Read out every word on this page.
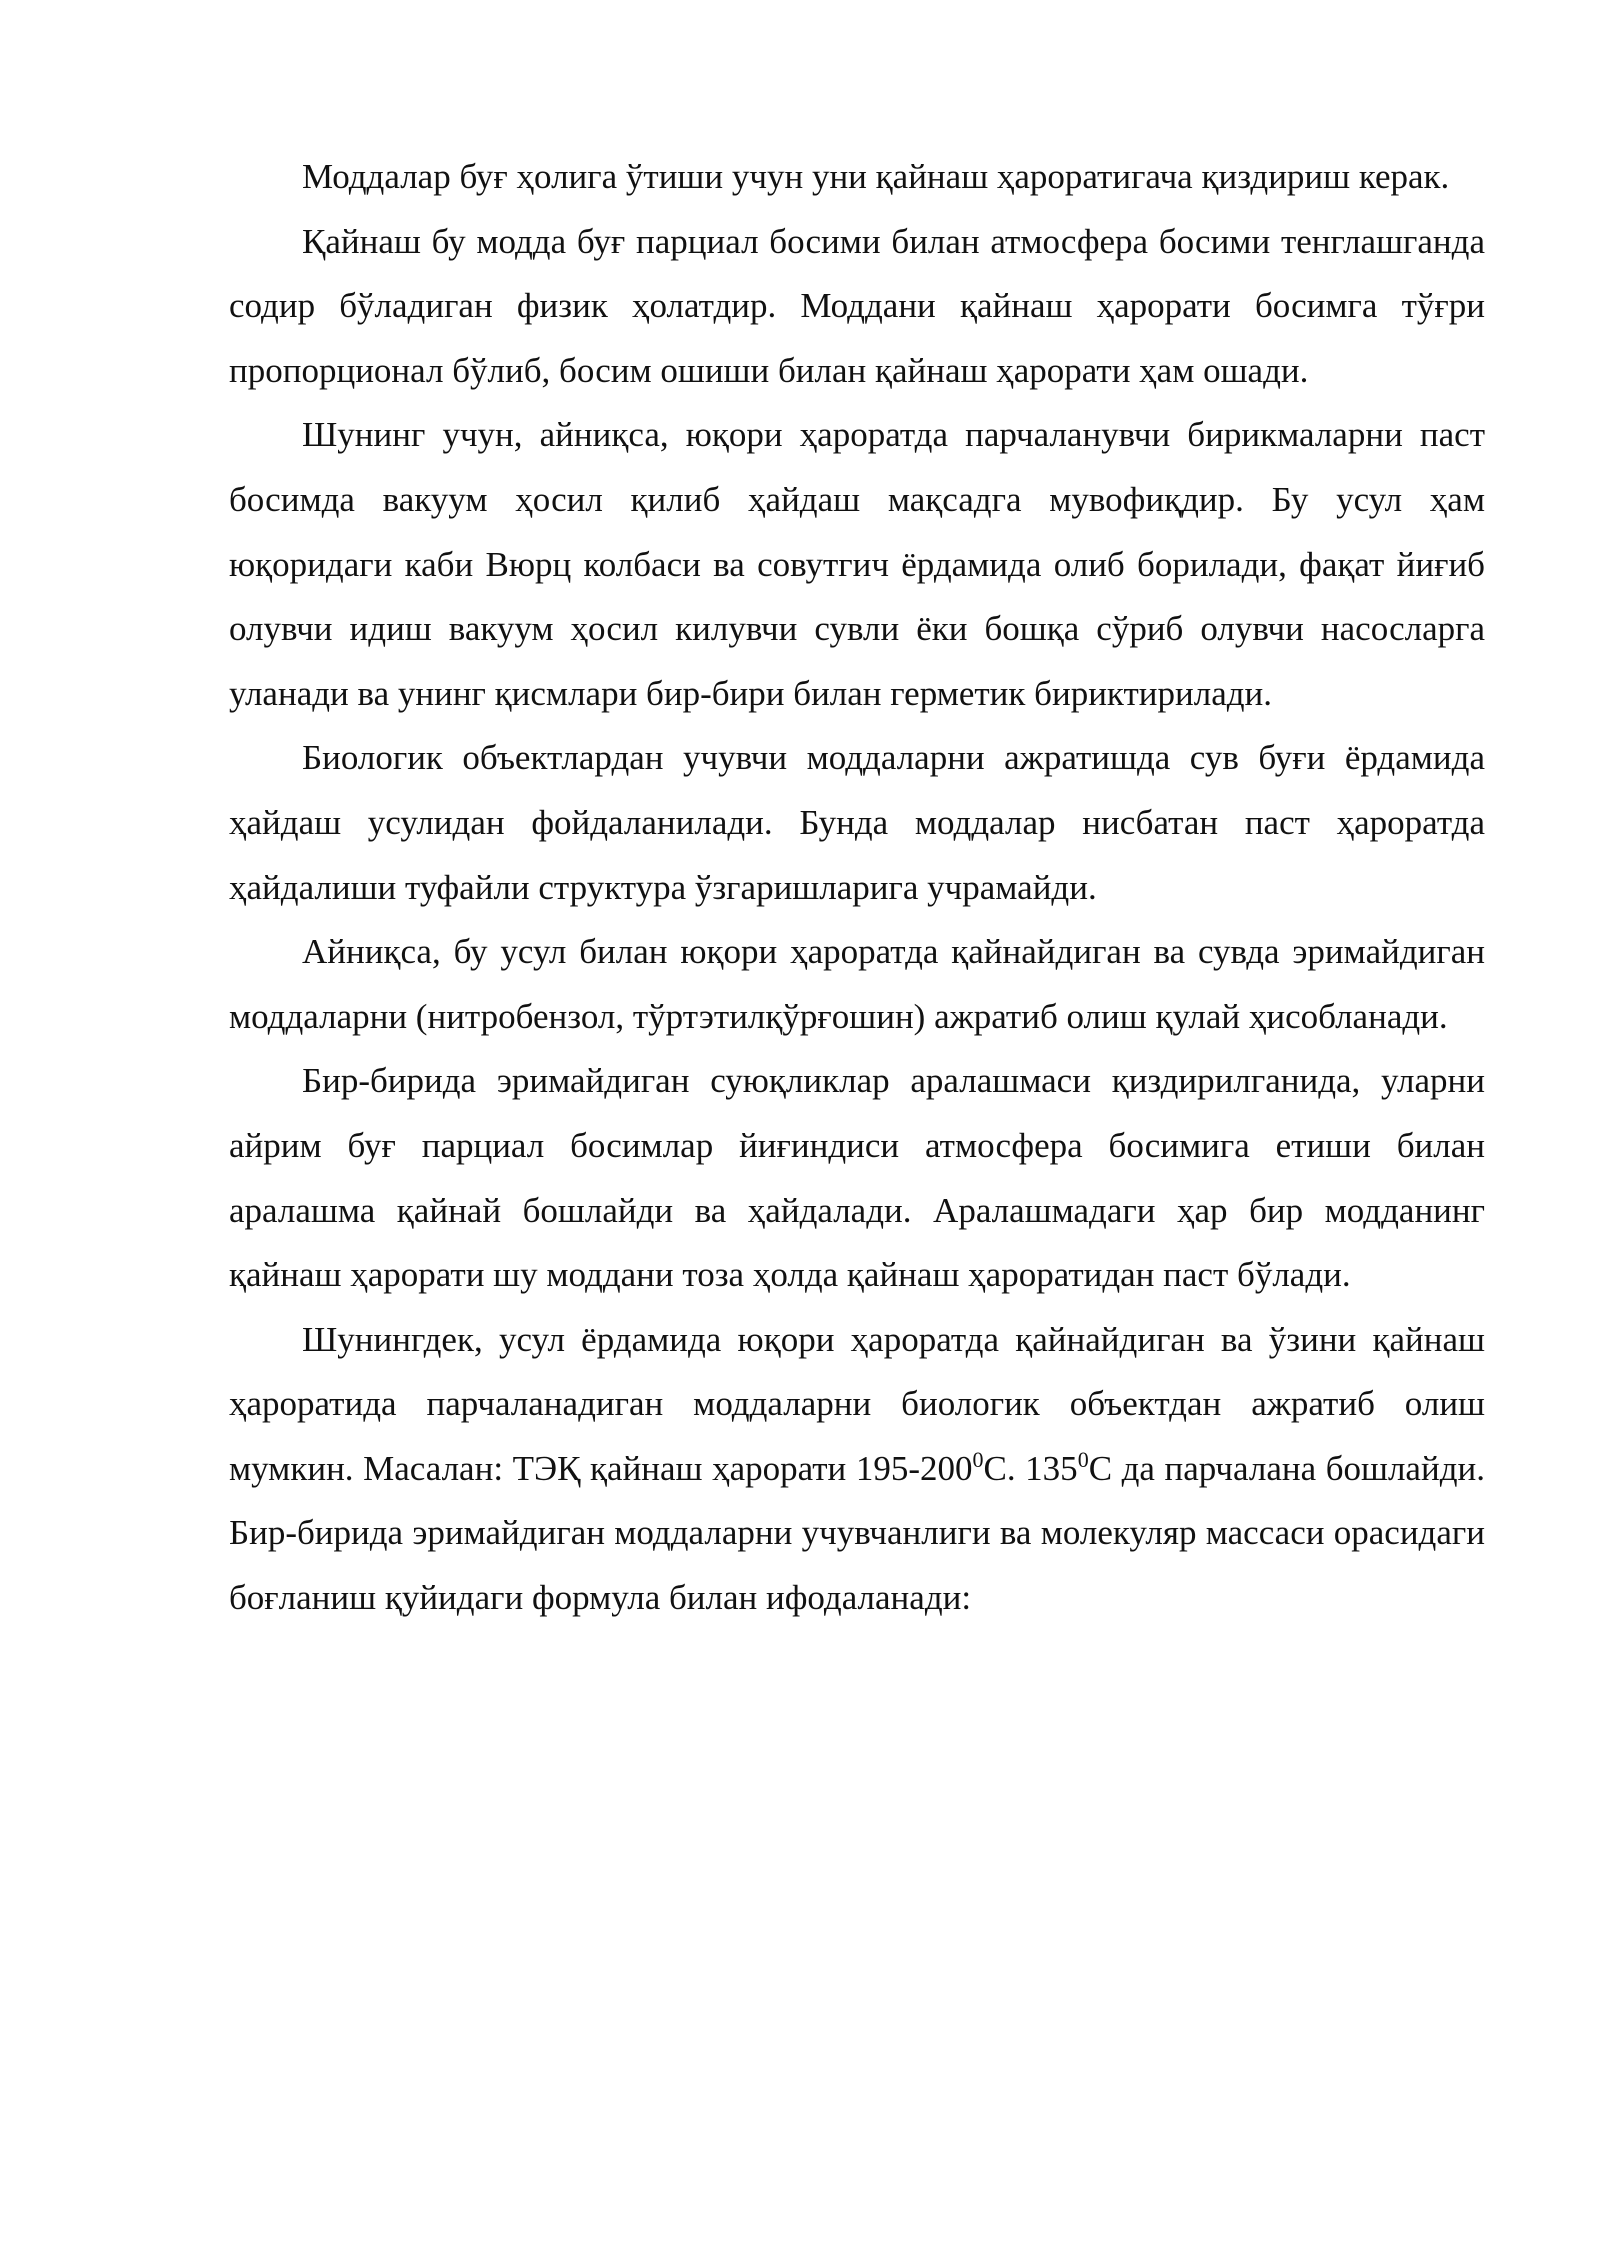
Моддалар буғ ҳолига ўтиши учун уни қайнаш ҳароратигача қиздириш керак.

Қайнаш бу модда буғ парциал босими билан атмосфера босими тенглашганда содир бўладиган физик ҳолатдир. Моддани қайнаш ҳарорати босимга тўғри пропорционал бўлиб, босим ошиши билан қайнаш ҳарорати ҳам ошади.

Шунинг учун, айниқса, юқори ҳароратда парчаланувчи бирикмаларни паст босимда вакуум ҳосил қилиб ҳайдаш мақсадга мувофиқдир. Бу усул ҳам юқоридаги каби Вюрц колбаси ва совутгич ёрдамида олиб борилади, фақат йиғиб олувчи идиш вакуум ҳосил килувчи сувли ёки бошқа сўриб олувчи насосларга уланади ва унинг қисмлари бир-бири билан герметик бириктирилади.

Биологик объектлардан учувчи моддаларни ажратишда сув буғи ёрдамида ҳайдаш усулидан фойдаланилади. Бунда моддалар нисбатан паст ҳароратда ҳайдалиши туфайли структура ўзгаришларига учрамайди.

Айниқса, бу усул билан юқори ҳароратда қайнайдиган ва сувда эримайдиган моддаларни (нитробензол, тўртэтилқўрғошин) ажратиб олиш қулай ҳисобланади.

Бир-бирида эримайдиган суюқликлар аралашмаси қиздирилганида, уларни айрим буғ парциал босимлар йиғиндиси атмосфера босимига етиши билан аралашма қайнай бошлайди ва ҳайдалади. Аралашмадаги ҳар бир модданинг қайнаш ҳарорати шу моддани тоза ҳолда қайнаш ҳароратидан паст бўлади.

Шунингдек, усул ёрдамида юқори ҳароратда қайнайдиган ва ўзини қайнаш ҳароратида парчаланадиган моддаларни биологик объектдан ажратиб олиш мумкин. Масалан: ТЭҚ қайнаш ҳарорати $195-200^0С$. $135^0С$ да парчалана бошлайди. Бир-бирида эримайдиган моддаларни учувчанлиги ва молекуляр массаси орасидаги боғланиш қуйидаги формула билан ифодаланади:
